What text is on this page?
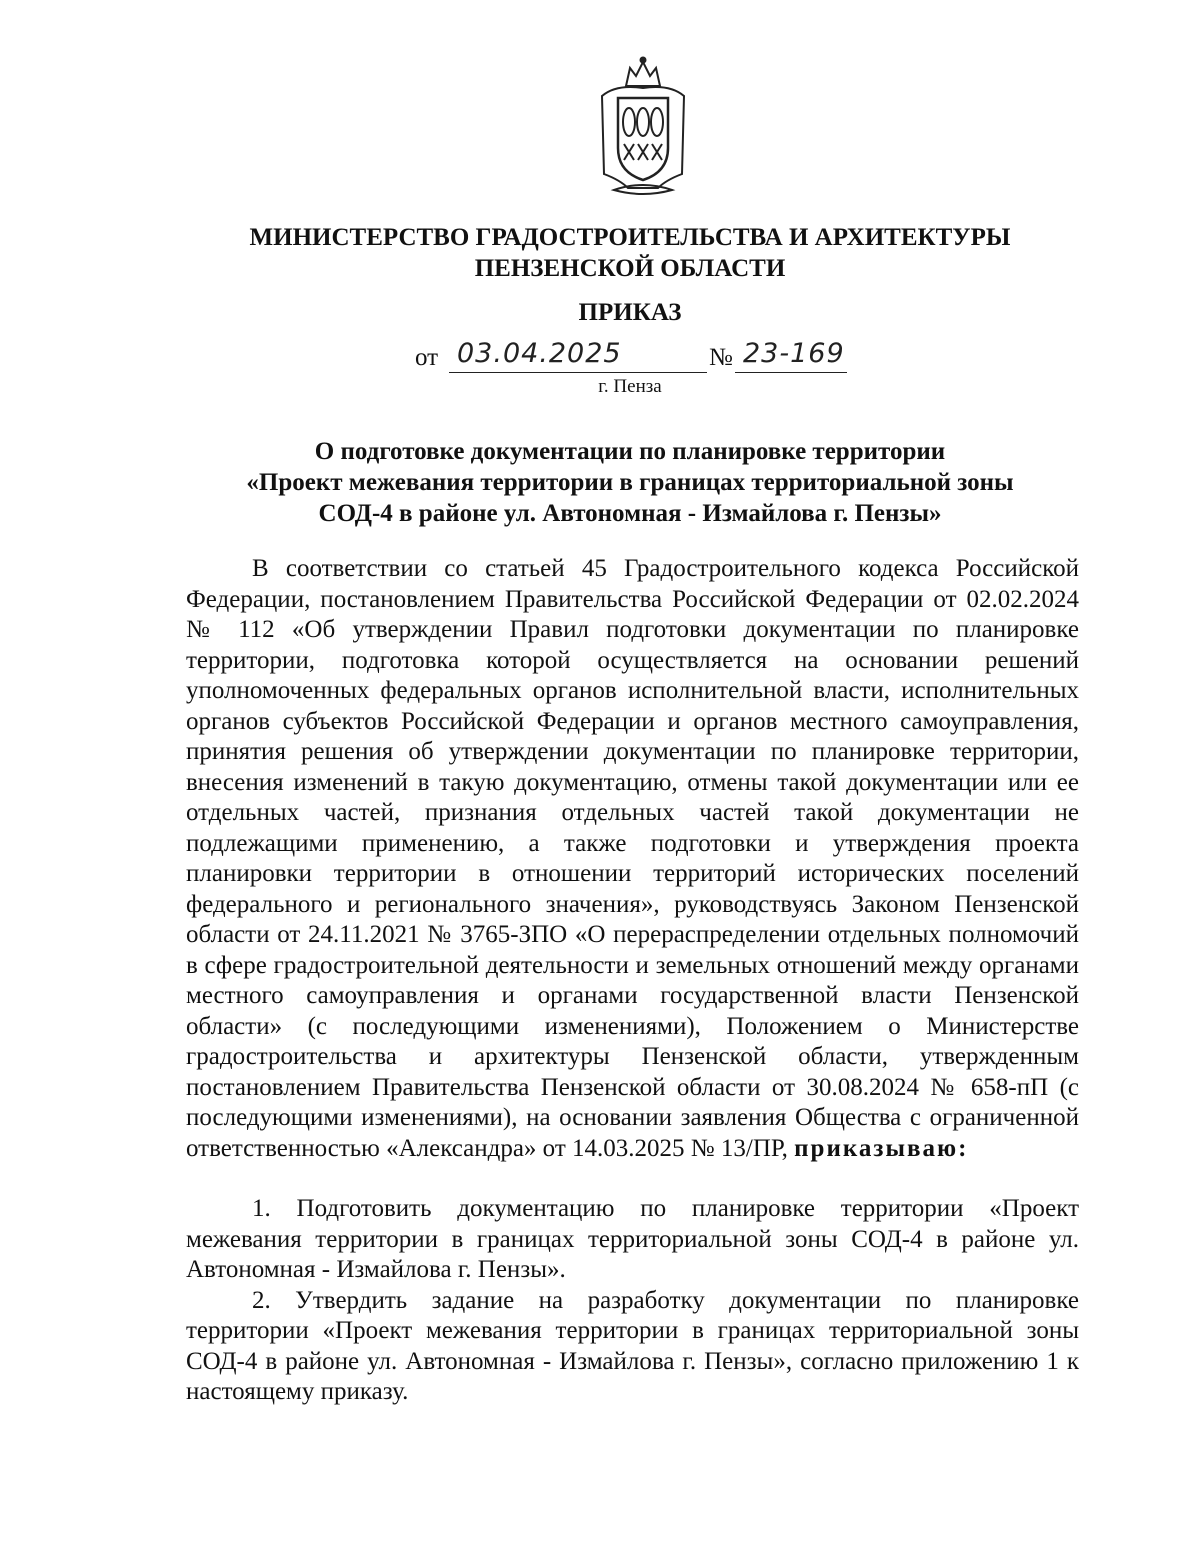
МИНИСТЕРСТВО ГРАДОСТРОИТЕЛЬСТВА И АРХИТЕКТУРЫ
ПЕНЗЕНСКОЙ ОБЛАСТИ
ПРИКАЗ
от 03.04.2025	№ 23-169
г. Пенза
О подготовке документации по планировке территории
«Проект межевания территории в границах территориальной зоны
СОД-4 в районе ул. Автономная - Измайлова г. Пензы»

В соответствии со статьей 45 Градостроительного кодекса Российской Федерации, постановлением Правительства Российской Федерации от 02.02.2024 № 112 «Об утверждении Правил подготовки документации по планировке территории, подготовка которой осуществляется на основании решений уполномоченных федеральных органов исполнительной власти, исполнительных органов субъектов Российской Федерации и органов местного самоуправления, принятия решения об утверждении документации по планировке территории, внесения изменений в такую документацию, отмены такой документации или ее отдельных частей, признания отдельных частей такой документации не подлежащими применению, а также подготовки и утверждения проекта планировки территории в отношении территорий исторических поселений федерального и регионального значения», руководствуясь Законом Пензенской области от 24.11.2021 № 3765-ЗПО «О перераспределении отдельных полномочий в сфере градостроительной деятельности и земельных отношений между органами местного самоуправления и органами государственной власти Пензенской области» (с последующими изменениями), Положением о Министерстве градостроительства и архитектуры Пензенской области, утвержденным постановлением Правительства Пензенской области от 30.08.2024 № 658-пП (с последующими изменениями), на основании заявления Общества с ограниченной ответственностью «Александра» от 14.03.2025 № 13/ПР, приказываю:

1. Подготовить документацию по планировке территории «Проект межевания территории в границах территориальной зоны СОД-4 в районе ул. Автономная - Измайлова г. Пензы».

2. Утвердить задание на разработку документации по планировке территории «Проект межевания территории в границах территориальной зоны СОД-4 в районе ул. Автономная - Измайлова г. Пензы», согласно приложению 1 к настоящему приказу.
